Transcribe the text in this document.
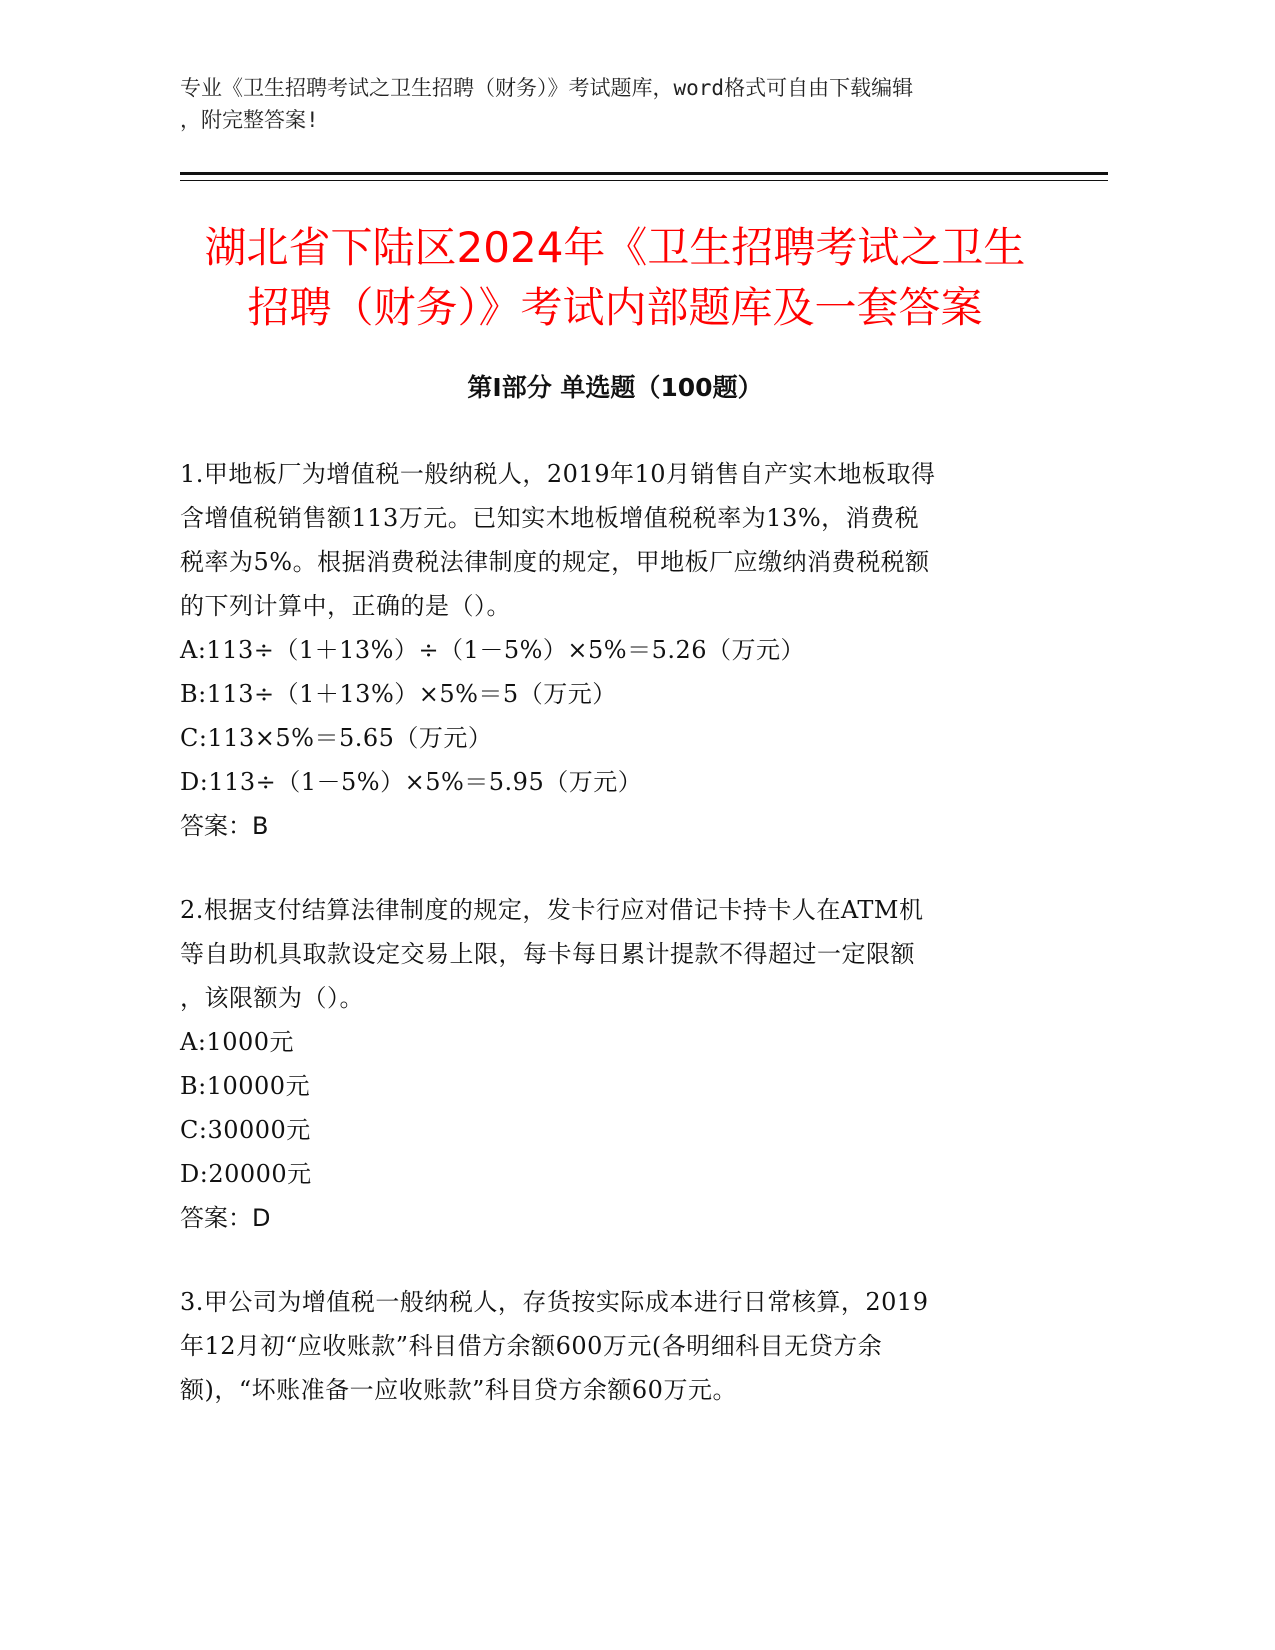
专业《卫生招聘考试之卫生招聘（财务）》考试题库，word格式可自由下载编辑

，附完整答案!

湖北省下陆区2024年《卫生招聘考试之卫生

招聘（财务）》考试内部题库及一套答案

第Ⅰ部分 单选题（100题）

1.甲地板厂为增值税一般纳税人，2019年10月销售自产实木地板取得

含增值税销售额113万元。已知实木地板增值税税率为13%，消费税

税率为5%。根据消费税法律制度的规定，甲地板厂应缴纳消费税税额

的下列计算中，正确的是（）。

A:113÷（1＋13%）÷（1－5%）×5%＝5.26（万元）

B:113÷（1＋13%）×5%＝5（万元）

C:113×5%＝5.65（万元）

D:113÷（1－5%）×5%＝5.95（万元）

答案：B

2.根据支付结算法律制度的规定，发卡行应对借记卡持卡人在ATM机

等自助机具取款设定交易上限，每卡每日累计提款不得超过一定限额

，该限额为（）。

A:1000元

B:10000元

C:30000元

D:20000元

答案：D

3.甲公司为增值税一般纳税人，存货按实际成本进行日常核算，2019

年12月初“应收账款”科目借方余额600万元(各明细科目无贷方余

额)，“坏账准备一应收账款”科目贷方余额60万元。
